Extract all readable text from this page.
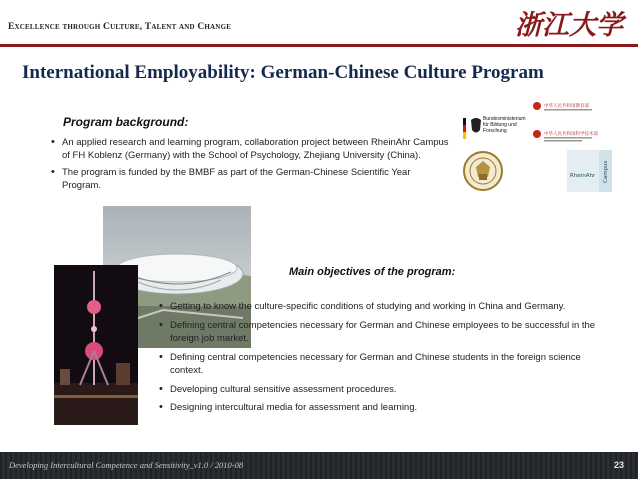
Excellence through Culture, Talent and Change	浙江大学
International Employability: German-Chinese Culture Program
Program background:
• An applied research and learning program, collaboration project between RheinAhr Campus of FH Koblenz (Germany) with the School of Psychology, Zhejiang University (China).
• The program is funded by the BMBF as part of the German-Chinese Scientific Year Program.
Bundesministerium für Bildung und Forschung
中华人民共和国教育部
中华人民共和国科学技术部
RheinAhr Campus
Main objectives of the program:
• Getting to know the culture-specific conditions of studying and working in China and Germany.
• Defining central competencies necessary for German and Chinese employees to be successful in the foreign job market.
• Defining central competencies necessary for German and Chinese students in the foreign science context.
• Developing cultural sensitive assessment procedures.
• Designing intercultural media for assessment and learning.
Developing Intercultural Competence and Sensitivity_v1.0 / 2010-08	23
